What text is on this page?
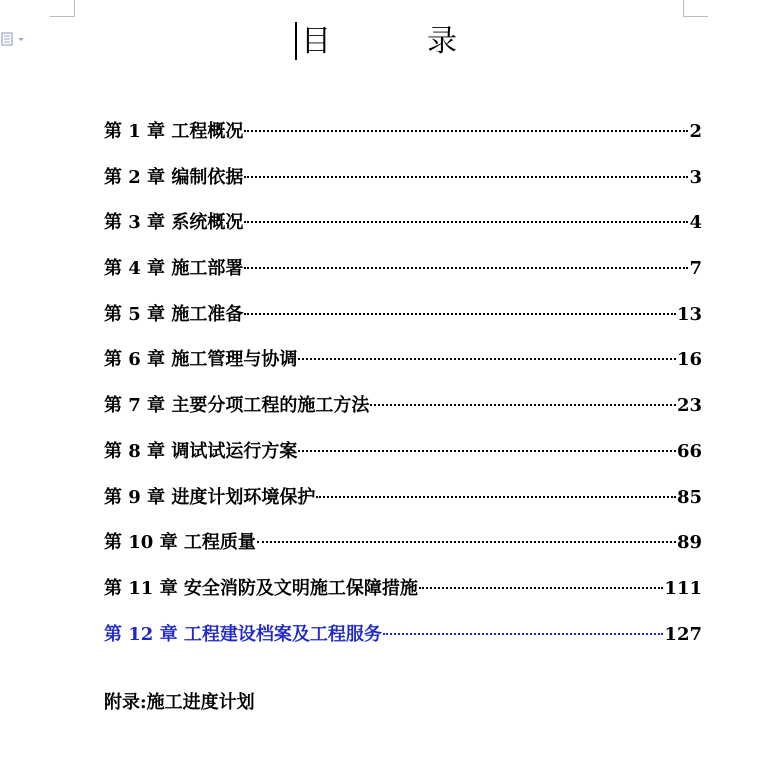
目	录
第 1 章 工程概况	2
第 2 章 编制依据	3
第 3 章 系统概况	4
第 4 章 施工部署	7
第 5 章 施工准备	13
第 6 章 施工管理与协调	16
第 7 章 主要分项工程的施工方法	23
第 8 章 调试试运行方案	66
第 9 章 进度计划环境保护	85
第 10 章 工程质量	89
第 11 章 安全消防及文明施工保障措施	111
第 12 章 工程建设档案及工程服务	127
附录:施工进度计划
